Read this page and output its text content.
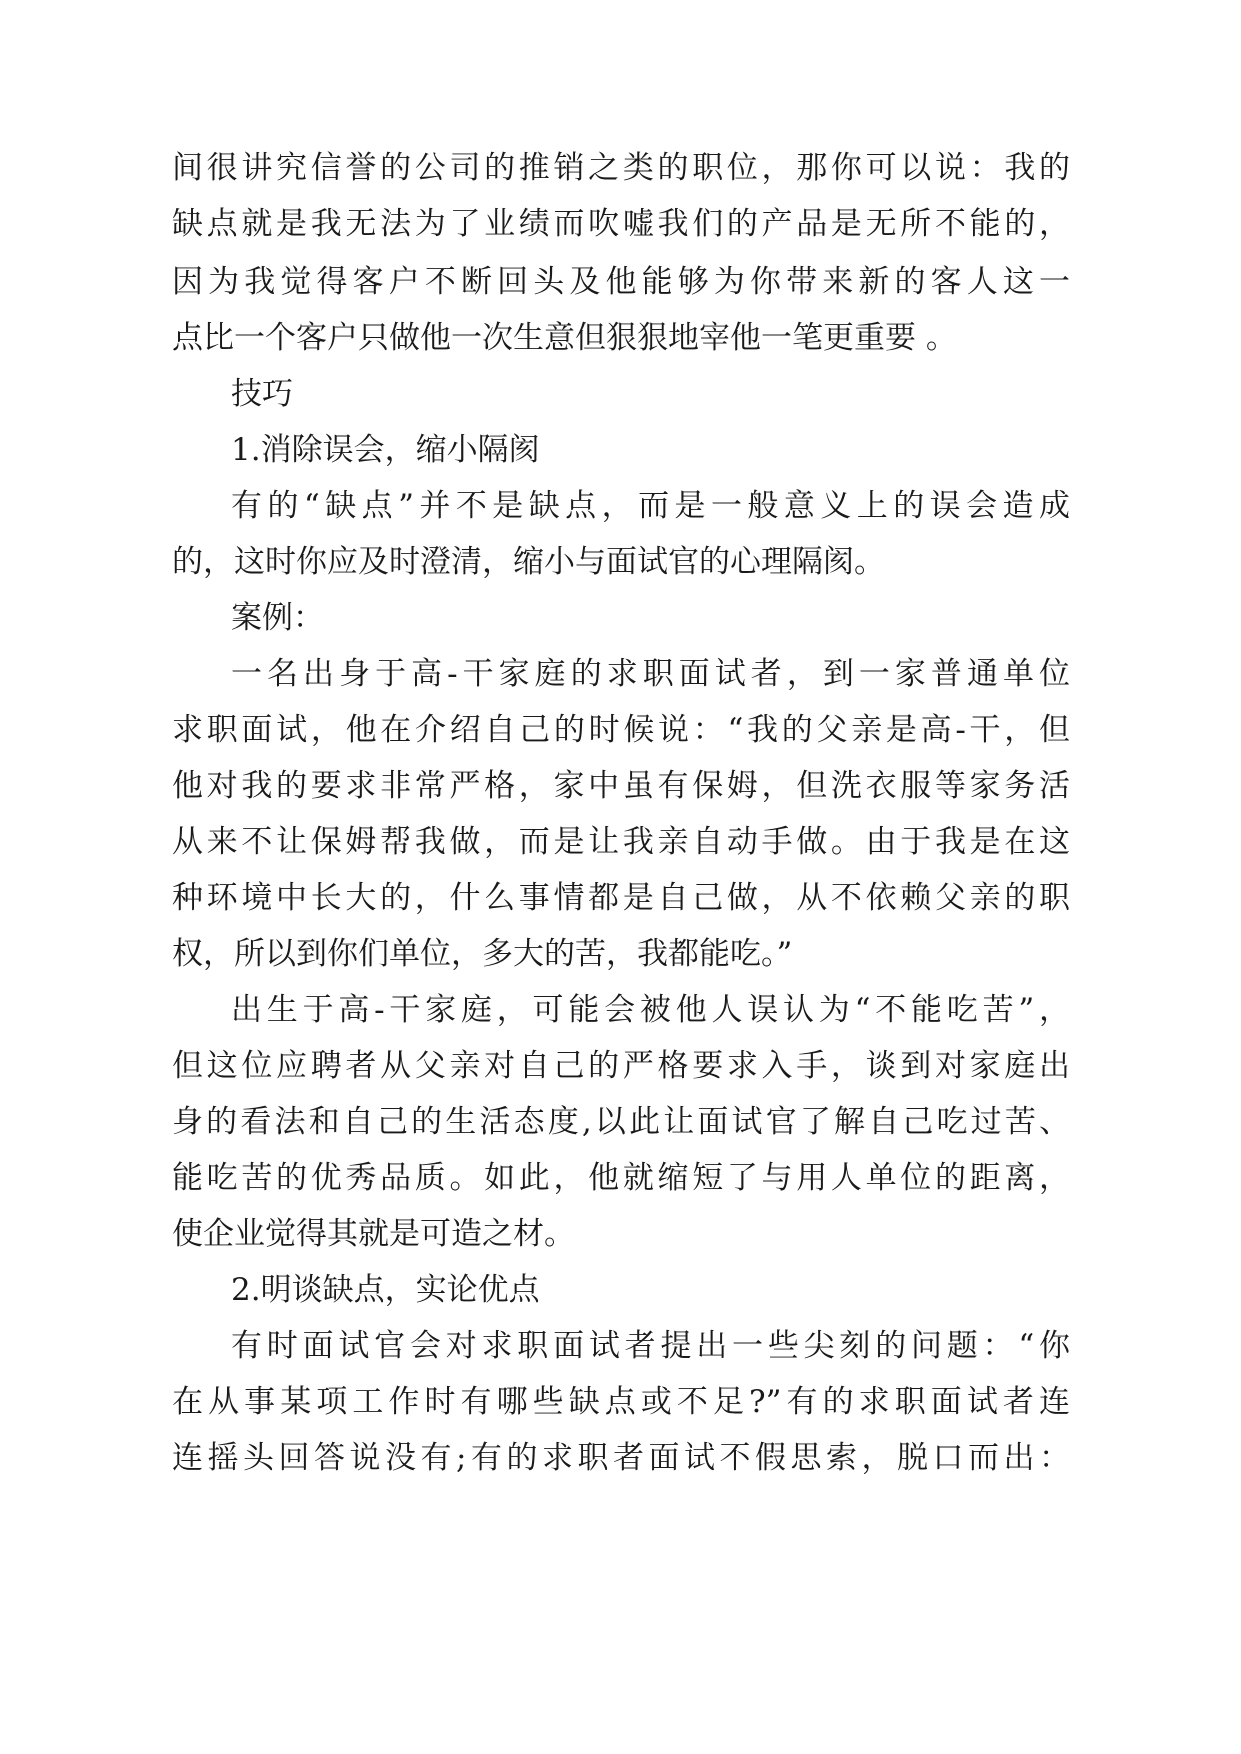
间很讲究信誉的公司的推销之类的职位，那你可以说：我的
缺点就是我无法为了业绩而吹嘘我们的产品是无所不能的，
因为我觉得客户不断回头及他能够为你带来新的客人这一
点比一个客户只做他一次生意但狠狠地宰他一笔更重要 。
技巧
1.消除误会，缩小隔阂
有的“缺点”并不是缺点，而是一般意义上的误会造成
的，这时你应及时澄清，缩小与面试官的心理隔阂。
案例：
一名出身于高-干家庭的求职面试者，到一家普通单位
求职面试，他在介绍自己的时候说：“我的父亲是高-干，但
他对我的要求非常严格，家中虽有保姆，但洗衣服等家务活
从来不让保姆帮我做，而是让我亲自动手做。由于我是在这
种环境中长大的，什么事情都是自己做，从不依赖父亲的职
权，所以到你们单位，多大的苦，我都能吃。”
出生于高-干家庭，可能会被他人误认为“不能吃苦”，
但这位应聘者从父亲对自己的严格要求入手，谈到对家庭出
身的看法和自己的生活态度,以此让面试官了解自己吃过苦、
能吃苦的优秀品质。如此，他就缩短了与用人单位的距离，
使企业觉得其就是可造之材。
2.明谈缺点，实论优点
有时面试官会对求职面试者提出一些尖刻的问题：“你
在从事某项工作时有哪些缺点或不足?”有的求职面试者连
连摇头回答说没有;有的求职者面试不假思索，脱口而出：
